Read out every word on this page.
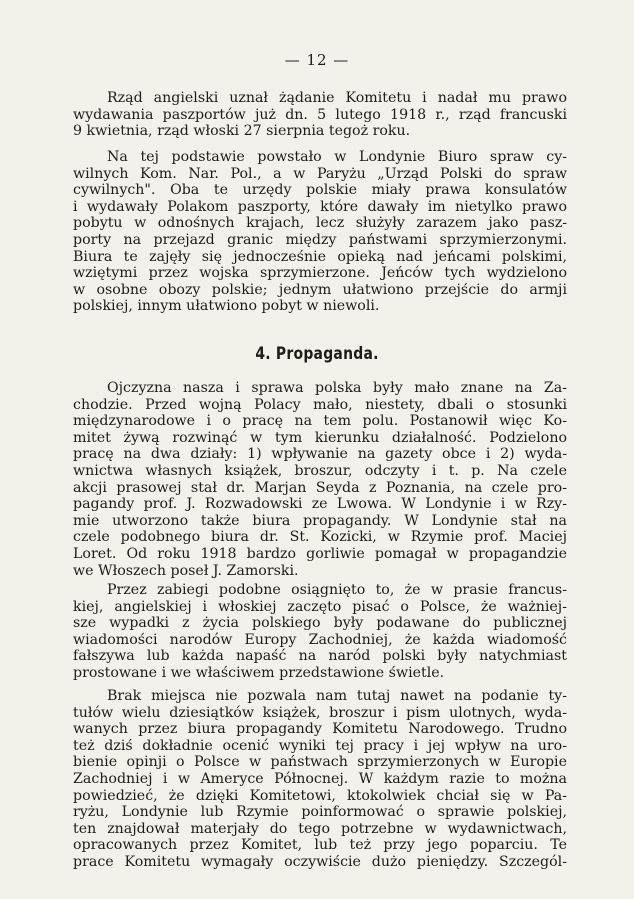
— 12 —
Rząd angielski uznał żądanie Komitetu i nadał mu prawo
wydawania paszportów już dn. 5 lutego 1918 r., rząd francuski
9 kwietnia, rząd włoski 27 sierpnia tegoż roku.
Na tej podstawie powstało w Londynie Biuro spraw cy-
wilnych Kom. Nar. Pol., a w Paryżu „Urząd Polski do spraw
cywilnych". Oba te urzędy polskie miały prawa konsulatów
i wydawały Polakom paszporty, które dawały im nietylko prawo
pobytu w odnośnych krajach, lecz służyły zarazem jako pasz-
porty na przejazd granic między państwami sprzymierzonymi.
Biura te zajęły się jednocześnie opieką nad jeńcami polskimi,
wziętymi przez wojska sprzymierzone. Jeńców tych wydzielono
w osobne obozy polskie; jednym ułatwiono przejście do armji
polskiej, innym ułatwiono pobyt w niewoli.
4. Propaganda.
Ojczyzna nasza i sprawa polska były mało znane na Za-
chodzie. Przed wojną Polacy mało, niestety, dbali o stosunki
międzynarodowe i o pracę na tem polu. Postanowił więc Ko-
mitet żywą rozwinąć w tym kierunku działalność. Podzielono
pracę na dwa działy: 1) wpływanie na gazety obce i 2) wyda-
wnictwa własnych książek, broszur, odczyty i t. p. Na czele
akcji prasowej stał dr. Marjan Seyda z Poznania, na czele pro-
pagandy prof. J. Rozwadowski ze Lwowa. W Londynie i w Rzy-
mie utworzono także biura propagandy. W Londynie stał na
czele podobnego biura dr. St. Kozicki, w Rzymie prof. Maciej
Loret. Od roku 1918 bardzo gorliwie pomagał w propagandzie
we Włoszech poseł J. Zamorski.
Przez zabiegi podobne osiągnięto to, że w prasie francus-
kiej, angielskiej i włoskiej zaczęto pisać o Polsce, że ważniej-
sze wypadki z życia polskiego były podawane do publicznej
wiadomości narodów Europy Zachodniej, że każda wiadomość
fałszywa lub każda napaść na naród polski były natychmiast
prostowane i we właściwem przedstawione świetle.
Brak miejsca nie pozwala nam tutaj nawet na podanie ty-
tułów wielu dziesiątków książek, broszur i pism ulotnych, wyda-
wanych przez biura propagandy Komitetu Narodowego. Trudno
też dziś dokładnie ocenić wyniki tej pracy i jej wpływ na uro-
bienie opinji o Polsce w państwach sprzymierzonych w Europie
Zachodniej i w Ameryce Północnej. W każdym razie to można
powiedzieć, że dzięki Komitetowi, ktokolwiek chciał się w Pa-
ryżu, Londynie lub Rzymie poinformować o sprawie polskiej,
ten znajdował materjały do tego potrzebne w wydawnictwach,
opracowanych przez Komitet, lub też przy jego poparciu. Te
prace Komitetu wymagały oczywiście dużo pieniędzy. Szczegól-
